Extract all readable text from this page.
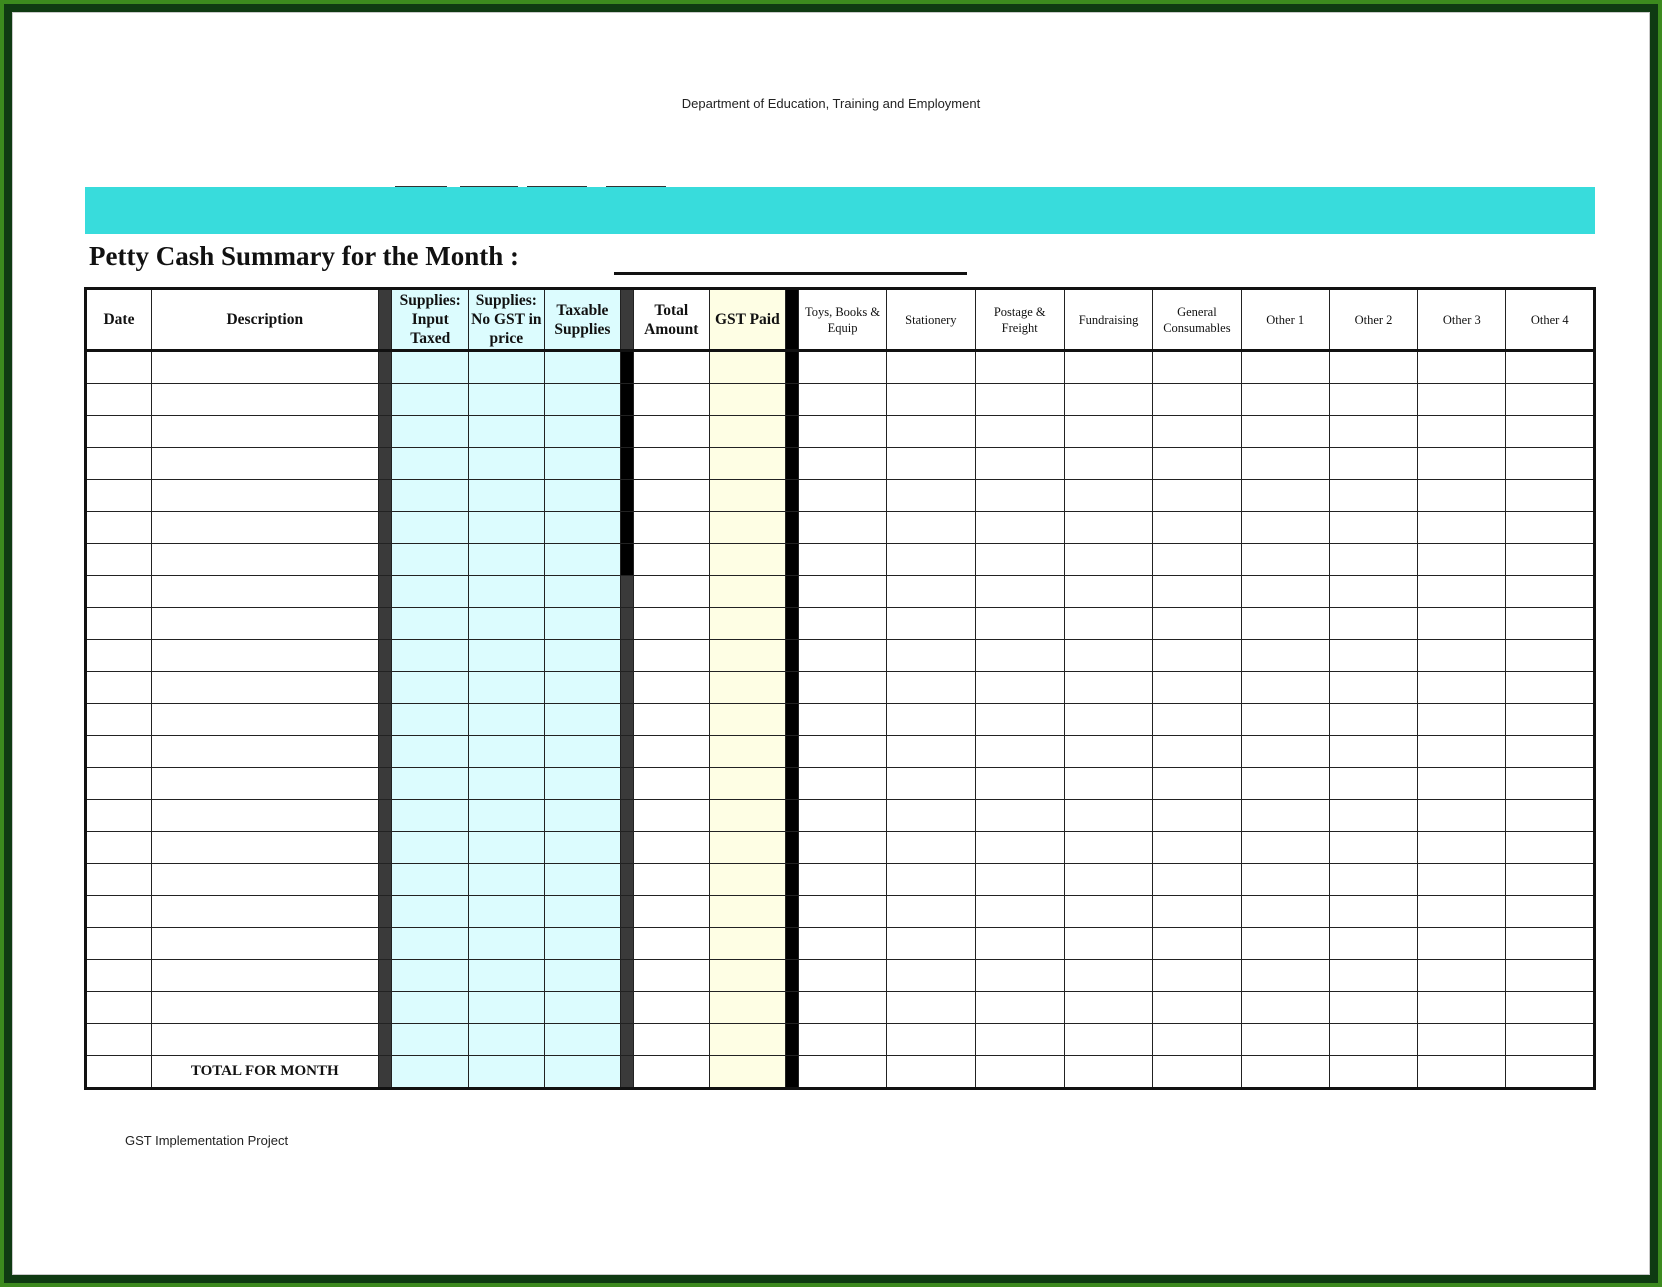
Department of Education, Training and Employment
Petty Cash Summary for the Month :
Date	Description		Supplies: Input Taxed	Supplies: No GST in price	Taxable Supplies		Total Amount	GST Paid		Toys, Books & Equip	Stationery	Postage & Freight	Fundraising	General Consumables	Other 1	Other 2	Other 3	Other 4

	TOTAL FOR MONTH																	
GST Implementation Project
